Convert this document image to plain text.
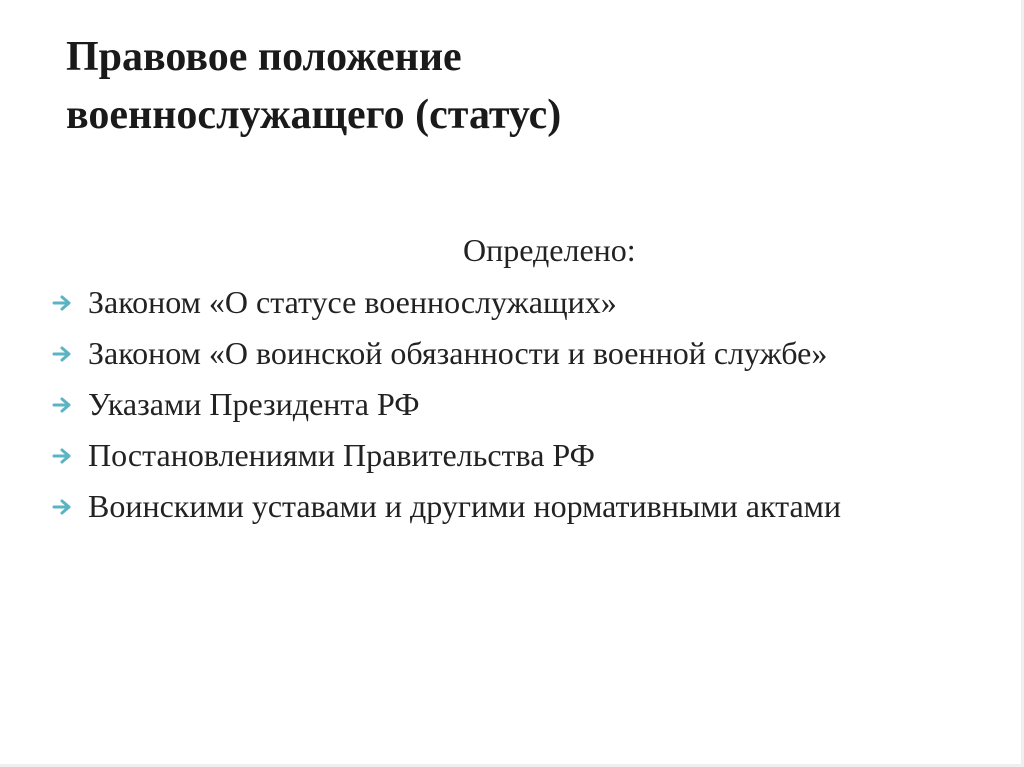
Правовое положение
военнослужащего (статус)
Определено:
Законом «О статусе военнослужащих»
Законом «О воинской обязанности и военной службе»
Указами Президента РФ
Постановлениями Правительства РФ
Воинскими уставами и другими нормативными актами
